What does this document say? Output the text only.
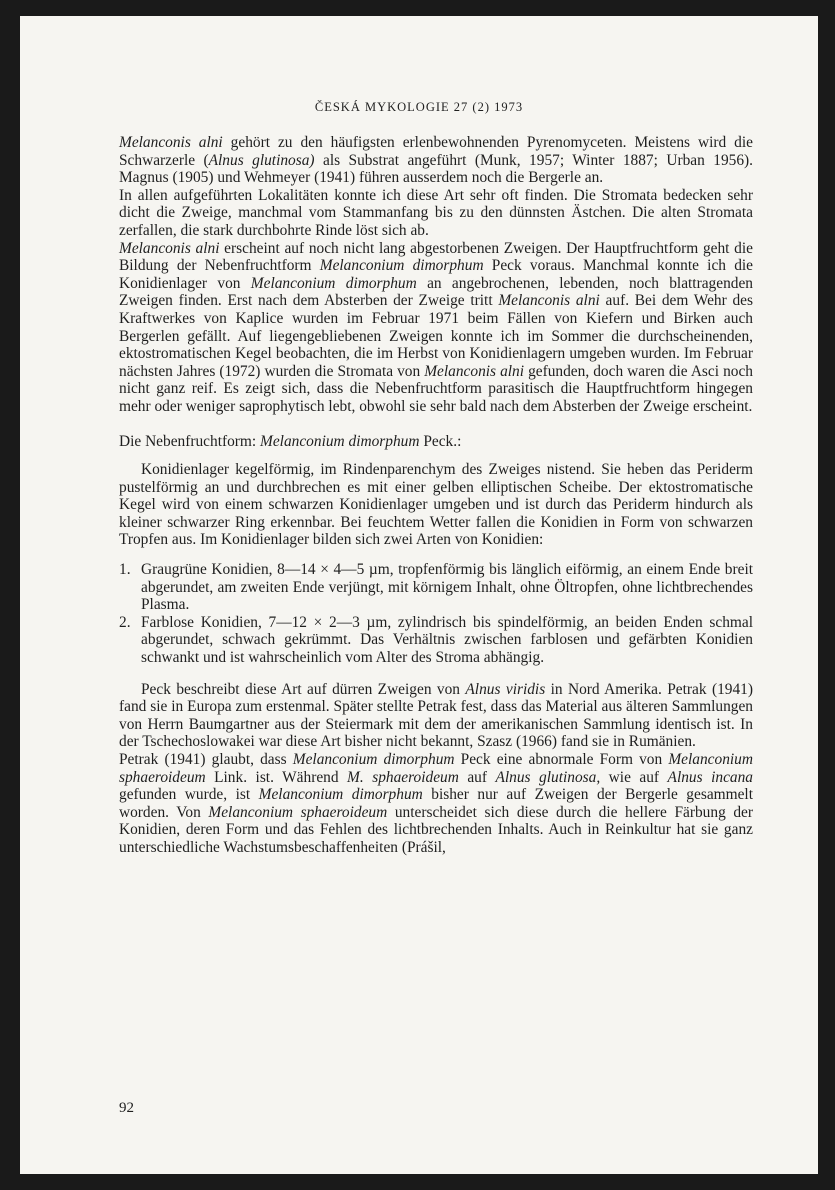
ČESKÁ MYKOLOGIE 27 (2) 1973

Melanconis alni gehört zu den häufigsten erlenbewohnenden Pyrenomyceten. Meistens wird die Schwarzerle (Alnus glutinosa) als Substrat angeführt (Munk, 1957; Winter 1887; Urban 1956). Magnus (1905) und Wehmeyer (1941) führen ausserdem noch die Bergerle an.

In allen aufgeführten Lokalitäten konnte ich diese Art sehr oft finden. Die Stromata bedecken sehr dicht die Zweige, manchmal vom Stammanfang bis zu den dünnsten Ästchen. Die alten Stromata zerfallen, die stark durchbohrte Rinde löst sich ab.

Melanconis alni erscheint auf noch nicht lang abgestorbenen Zweigen. Der Hauptfruchtform geht die Bildung der Nebenfruchtform Melanconium dimorphum Peck voraus. Manchmal konnte ich die Konidienlager von Melanconium dimorphum an angebrochenen, lebenden, noch blattragenden Zweigen finden. Erst nach dem Absterben der Zweige tritt Melanconis alni auf. Bei dem Wehr des Kraftwerkes von Kaplice wurden im Februar 1971 beim Fällen von Kiefern und Birken auch Bergerlen gefällt. Auf liegengebliebenen Zweigen konnte ich im Sommer die durchscheinenden, ektostromatischen Kegel beobachten, die im Herbst von Konidienlagern umgeben wurden. Im Februar nächsten Jahres (1972) wurden die Stromata von Melanconis alni gefunden, doch waren die Asci noch nicht ganz reif. Es zeigt sich, dass die Nebenfruchtform parasitisch die Hauptfruchtform hingegen mehr oder weniger saprophytisch lebt, obwohl sie sehr bald nach dem Absterben der Zweige erscheint.

Die Nebenfruchtform: Melanconium dimorphum Peck.:

Konidienlager kegelförmig, im Rindenparenchym des Zweiges nistend. Sie heben das Periderm pustelförmig an und durchbrechen es mit einer gelben elliptischen Scheibe. Der ektostromatische Kegel wird von einem schwarzen Konidienlager umgeben und ist durch das Periderm hindurch als kleiner schwarzer Ring erkennbar. Bei feuchtem Wetter fallen die Konidien in Form von schwarzen Tropfen aus. Im Konidienlager bilden sich zwei Arten von Konidien:

1. Graugrüne Konidien, 8—14 × 4—5 µm, tropfenförmig bis länglich eiförmig, an einem Ende breit abgerundet, am zweiten Ende verjüngt, mit körnigem Inhalt, ohne Öltropfen, ohne lichtbrechendes Plasma.
2. Farblose Konidien, 7—12 × 2—3 µm, zylindrisch bis spindelförmig, an beiden Enden schmal abgerundet, schwach gekrümmt. Das Verhältnis zwischen farblosen und gefärbten Konidien schwankt und ist wahrscheinlich vom Alter des Stroma abhängig.

Peck beschreibt diese Art auf dürren Zweigen von Alnus viridis in Nord Amerika. Petrak (1941) fand sie in Europa zum erstenmal. Später stellte Petrak fest, dass das Material aus älteren Sammlungen von Herrn Baumgartner aus der Steiermark mit dem der amerikanischen Sammlung identisch ist. In der Tschechoslowakei war diese Art bisher nicht bekannt, Szasz (1966) fand sie in Rumänien.

Petrak (1941) glaubt, dass Melanconium dimorphum Peck eine abnormale Form von Melanconium sphaeroideum Link. ist. Während M. sphaeroideum auf Alnus glutinosa, wie auf Alnus incana gefunden wurde, ist Melanconium dimorphum bisher nur auf Zweigen der Bergerle gesammelt worden. Von Melanconium sphaeroideum unterscheidet sich diese durch die hellere Färbung der Konidien, deren Form und das Fehlen des lichtbrechenden Inhalts. Auch in Reinkultur hat sie ganz unterschiedliche Wachstumsbeschaffenheiten (Prášil,

92
